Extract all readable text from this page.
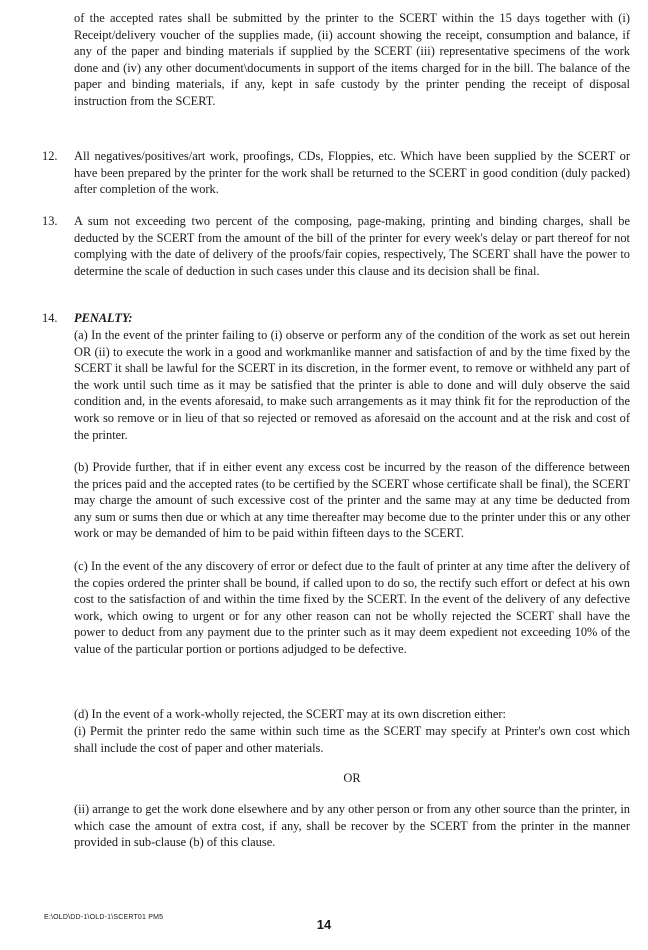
of the accepted rates shall be submitted by the printer to the SCERT within the 15 days together with (i) Receipt/delivery voucher of the supplies made, (ii) account showing the receipt, consumption and balance, if any of the paper and binding materials if supplied by the SCERT (iii) representative specimens of the work done and (iv) any other document\documents in support of the items charged for in the bill. The balance of the paper and binding materials, if any, kept in safe custody by the printer pending the receipt of disposal instruction from the SCERT.

12. All negatives/positives/art work, proofings, CDs, Floppies, etc. Which have been supplied by the SCERT or have been prepared by the printer for the work shall be returned to the SCERT in good condition (duly packed) after completion of the work.

13. A sum not exceeding two percent of the composing, page-making, printing and binding charges, shall be deducted by the SCERT from the amount of the bill of the printer for every week's delay or part thereof for not complying with the date of delivery of the proofs/fair copies, respectively, The SCERT shall have the power to determine the scale of deduction in such cases under this clause and its decision shall be final.

14. PENALTY:

(a) In the event of the printer failing to (i) observe or perform any of the condition of the work as set out herein OR (ii) to execute the work in a good and workmanlike manner and satisfaction of and by the time fixed by the SCERT it shall be lawful for the SCERT in its discretion, in the former event, to remove or withheld any part of the work until such time as it may be satisfied that the printer is able to done and will duly observe the said condition and, in the events aforesaid, to make such arrangements as it may think fit for the reproduction of the work so remove or in lieu of that so rejected or removed as aforesaid on the account and at the risk and cost of the printer.

(b) Provide further, that if in either event any excess cost be incurred by the reason of the difference between the prices paid and the accepted rates (to be certified by the SCERT whose certificate shall be final), the SCERT may charge the amount of such excessive cost of the printer and the same may at any time be deducted from any sum or sums then due or which at any time thereafter may become due to the printer under this or any other work or may be demanded of him to be paid within fifteen days to the SCERT.

(c) In the event of the any discovery of error or defect due to the fault of printer at any time after the delivery of the copies ordered the printer shall be bound, if called upon to do so, the rectify such effort or defect at his own cost to the satisfaction of and within the time fixed by the SCERT. In the event of the delivery of any defective work, which owing to urgent or for any other reason can not be wholly rejected the SCERT shall have the power to deduct from any payment due to the printer such as it may deem expedient not exceeding 10% of the value of the particular portion or portions adjudged to be defective.

(d) In the event of a work-wholly rejected, the SCERT may at its own discretion either:

(i) Permit the printer redo the same within such time as the SCERT may specify at Printer's own cost which shall include the cost of paper and other materials.

OR

(ii) arrange to get the work done elsewhere and by any other person or from any other source than the printer, in which case the amount of extra cost, if any, shall be recover by the SCERT from the printer in the manner provided in sub-clause (b) of this clause.

E:\OLD\DD-1\OLD-1\SCERT01 PM5	14
